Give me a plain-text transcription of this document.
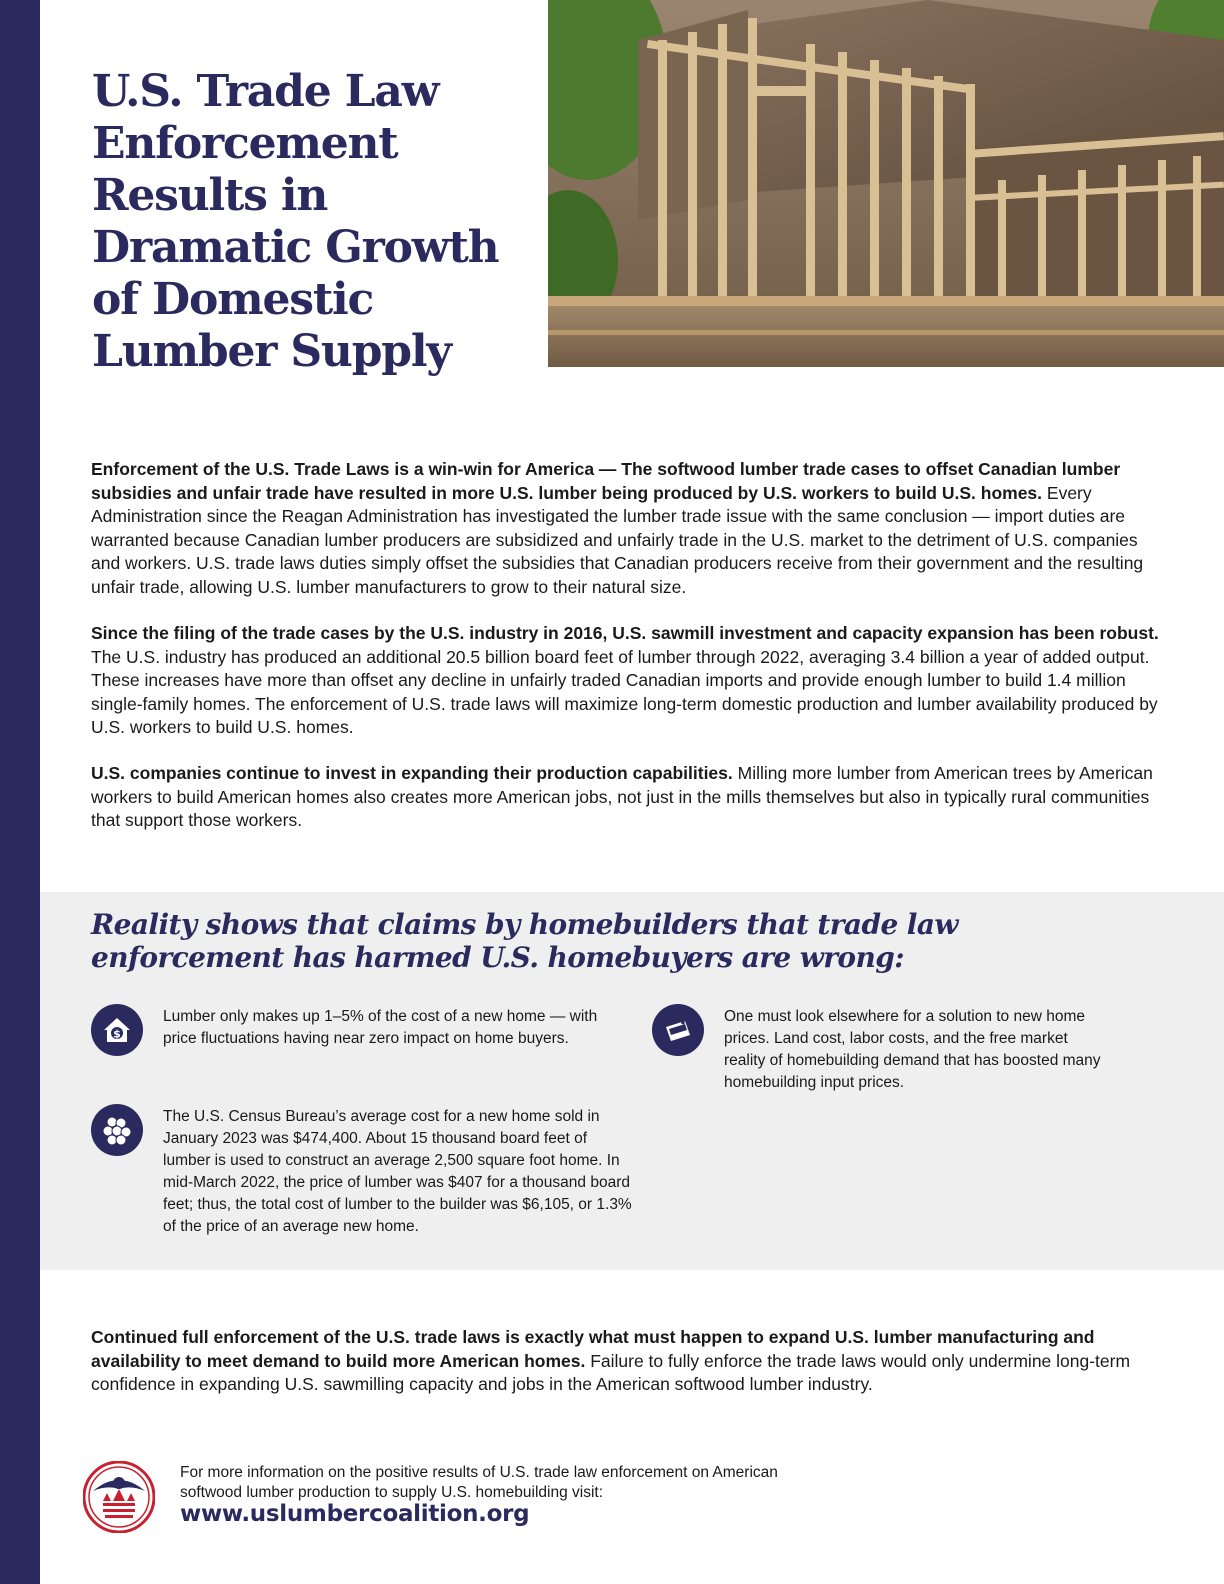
U.S. Trade Law Enforcement Results in Dramatic Growth of Domestic Lumber Supply

Enforcement of the U.S. Trade Laws is a win-win for America — The softwood lumber trade cases to offset Canadian lumber subsidies and unfair trade have resulted in more U.S. lumber being produced by U.S. workers to build U.S. homes. Every Administration since the Reagan Administration has investigated the lumber trade issue with the same conclusion — import duties are warranted because Canadian lumber producers are subsidized and unfairly trade in the U.S. market to the detriment of U.S. companies and workers. U.S. trade laws duties simply offset the subsidies that Canadian producers receive from their government and the resulting unfair trade, allowing U.S. lumber manufacturers to grow to their natural size.

Since the filing of the trade cases by the U.S. industry in 2016, U.S. sawmill investment and capacity expansion has been robust. The U.S. industry has produced an additional 20.5 billion board feet of lumber through 2022, averaging 3.4 billion a year of added output. These increases have more than offset any decline in unfairly traded Canadian imports and provide enough lumber to build 1.4 million single-family homes. The enforcement of U.S. trade laws will maximize long-term domestic production and lumber availability produced by U.S. workers to build U.S. homes.

U.S. companies continue to invest in expanding their production capabilities. Milling more lumber from American trees by American workers to build American homes also creates more American jobs, not just in the mills themselves but also in typically rural communities that support those workers.

Reality shows that claims by homebuilders that trade law enforcement has harmed U.S. homebuyers are wrong:
$

Lumber only makes up 1–5% of the cost of a new home — with price fluctuations having near zero impact on home buyers.

One must look elsewhere for a solution to new home prices. Land cost, labor costs, and the free market reality of homebuilding demand that has boosted many homebuilding input prices.

The U.S. Census Bureau’s average cost for a new home sold in January 2023 was $474,400. About 15 thousand board feet of lumber is used to construct an average 2,500 square foot home. In mid-March 2022, the price of lumber was $407 for a thousand board feet; thus, the total cost of lumber to the builder was $6,105, or 1.3% of the price of an average new home.

Continued full enforcement of the U.S. trade laws is exactly what must happen to expand U.S. lumber manufacturing and availability to meet demand to build more American homes. Failure to fully enforce the trade laws would only undermine long-term confidence in expanding U.S. sawmilling capacity and jobs in the American softwood lumber industry.

For more information on the positive results of U.S. trade law enforcement on American softwood lumber production to supply U.S. homebuilding visit:

www.uslumbercoalition.org
